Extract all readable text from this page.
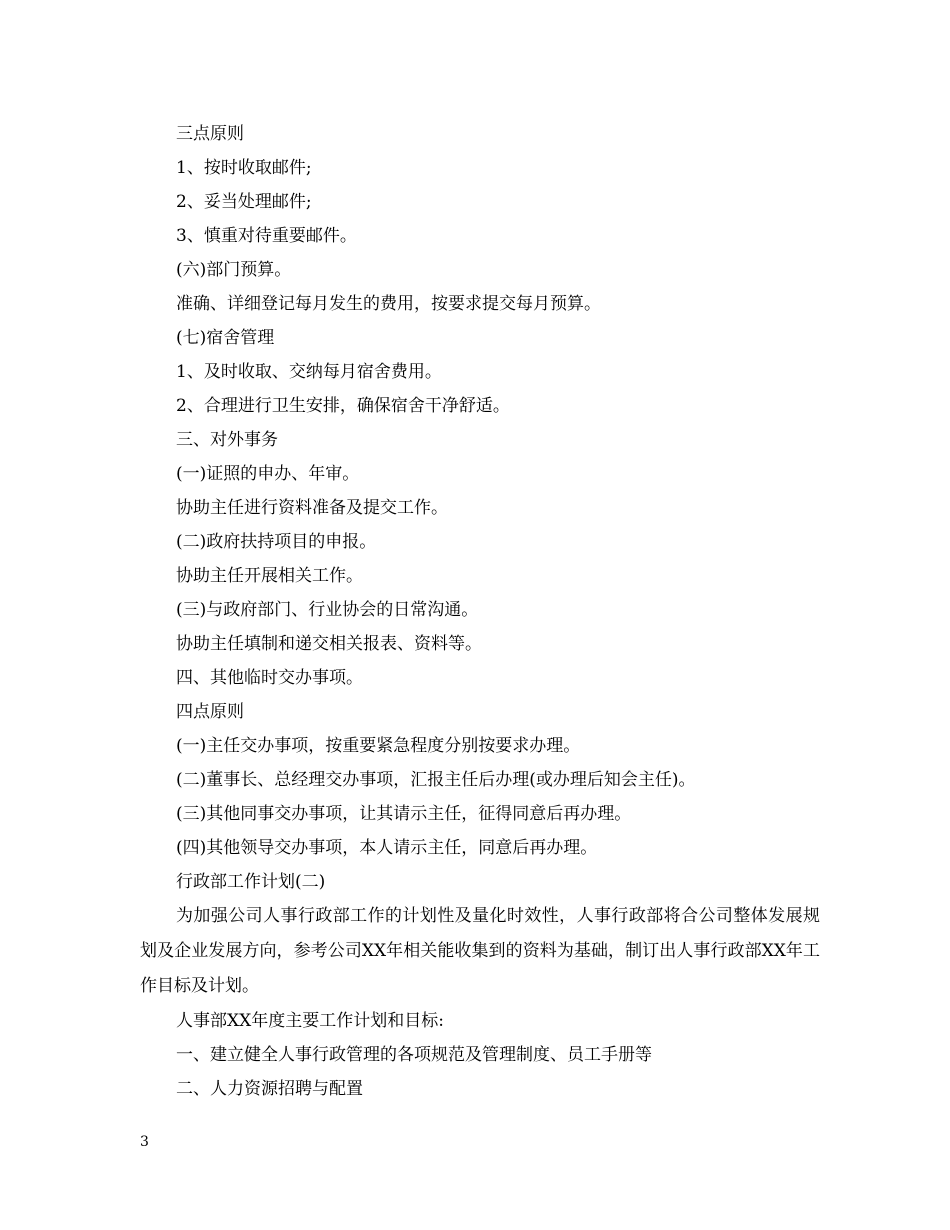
三点原则
1、按时收取邮件;
2、妥当处理邮件;
3、慎重对待重要邮件。
(六)部门预算。
准确、详细登记每月发生的费用，按要求提交每月预算。
(七)宿舍管理
1、及时收取、交纳每月宿舍费用。
2、合理进行卫生安排，确保宿舍干净舒适。
三、对外事务
(一)证照的申办、年审。
协助主任进行资料准备及提交工作。
(二)政府扶持项目的申报。
协助主任开展相关工作。
(三)与政府部门、行业协会的日常沟通。
协助主任填制和递交相关报表、资料等。
四、其他临时交办事项。
四点原则
(一)主任交办事项，按重要紧急程度分别按要求办理。
(二)董事长、总经理交办事项，汇报主任后办理(或办理后知会主任)。
(三)其他同事交办事项，让其请示主任，征得同意后再办理。
(四)其他领导交办事项，本人请示主任，同意后再办理。
行政部工作计划(二)

为加强公司人事行政部工作的计划性及量化时效性，人事行政部将合公司整体发展规划及企业发展方向，参考公司XX年相关能收集到的资料为基础，制订出人事行政部XX年工作目标及计划。

人事部XX年度主要工作计划和目标:
一、建立健全人事行政管理的各项规范及管理制度、员工手册等
二、人力资源招聘与配置
3
